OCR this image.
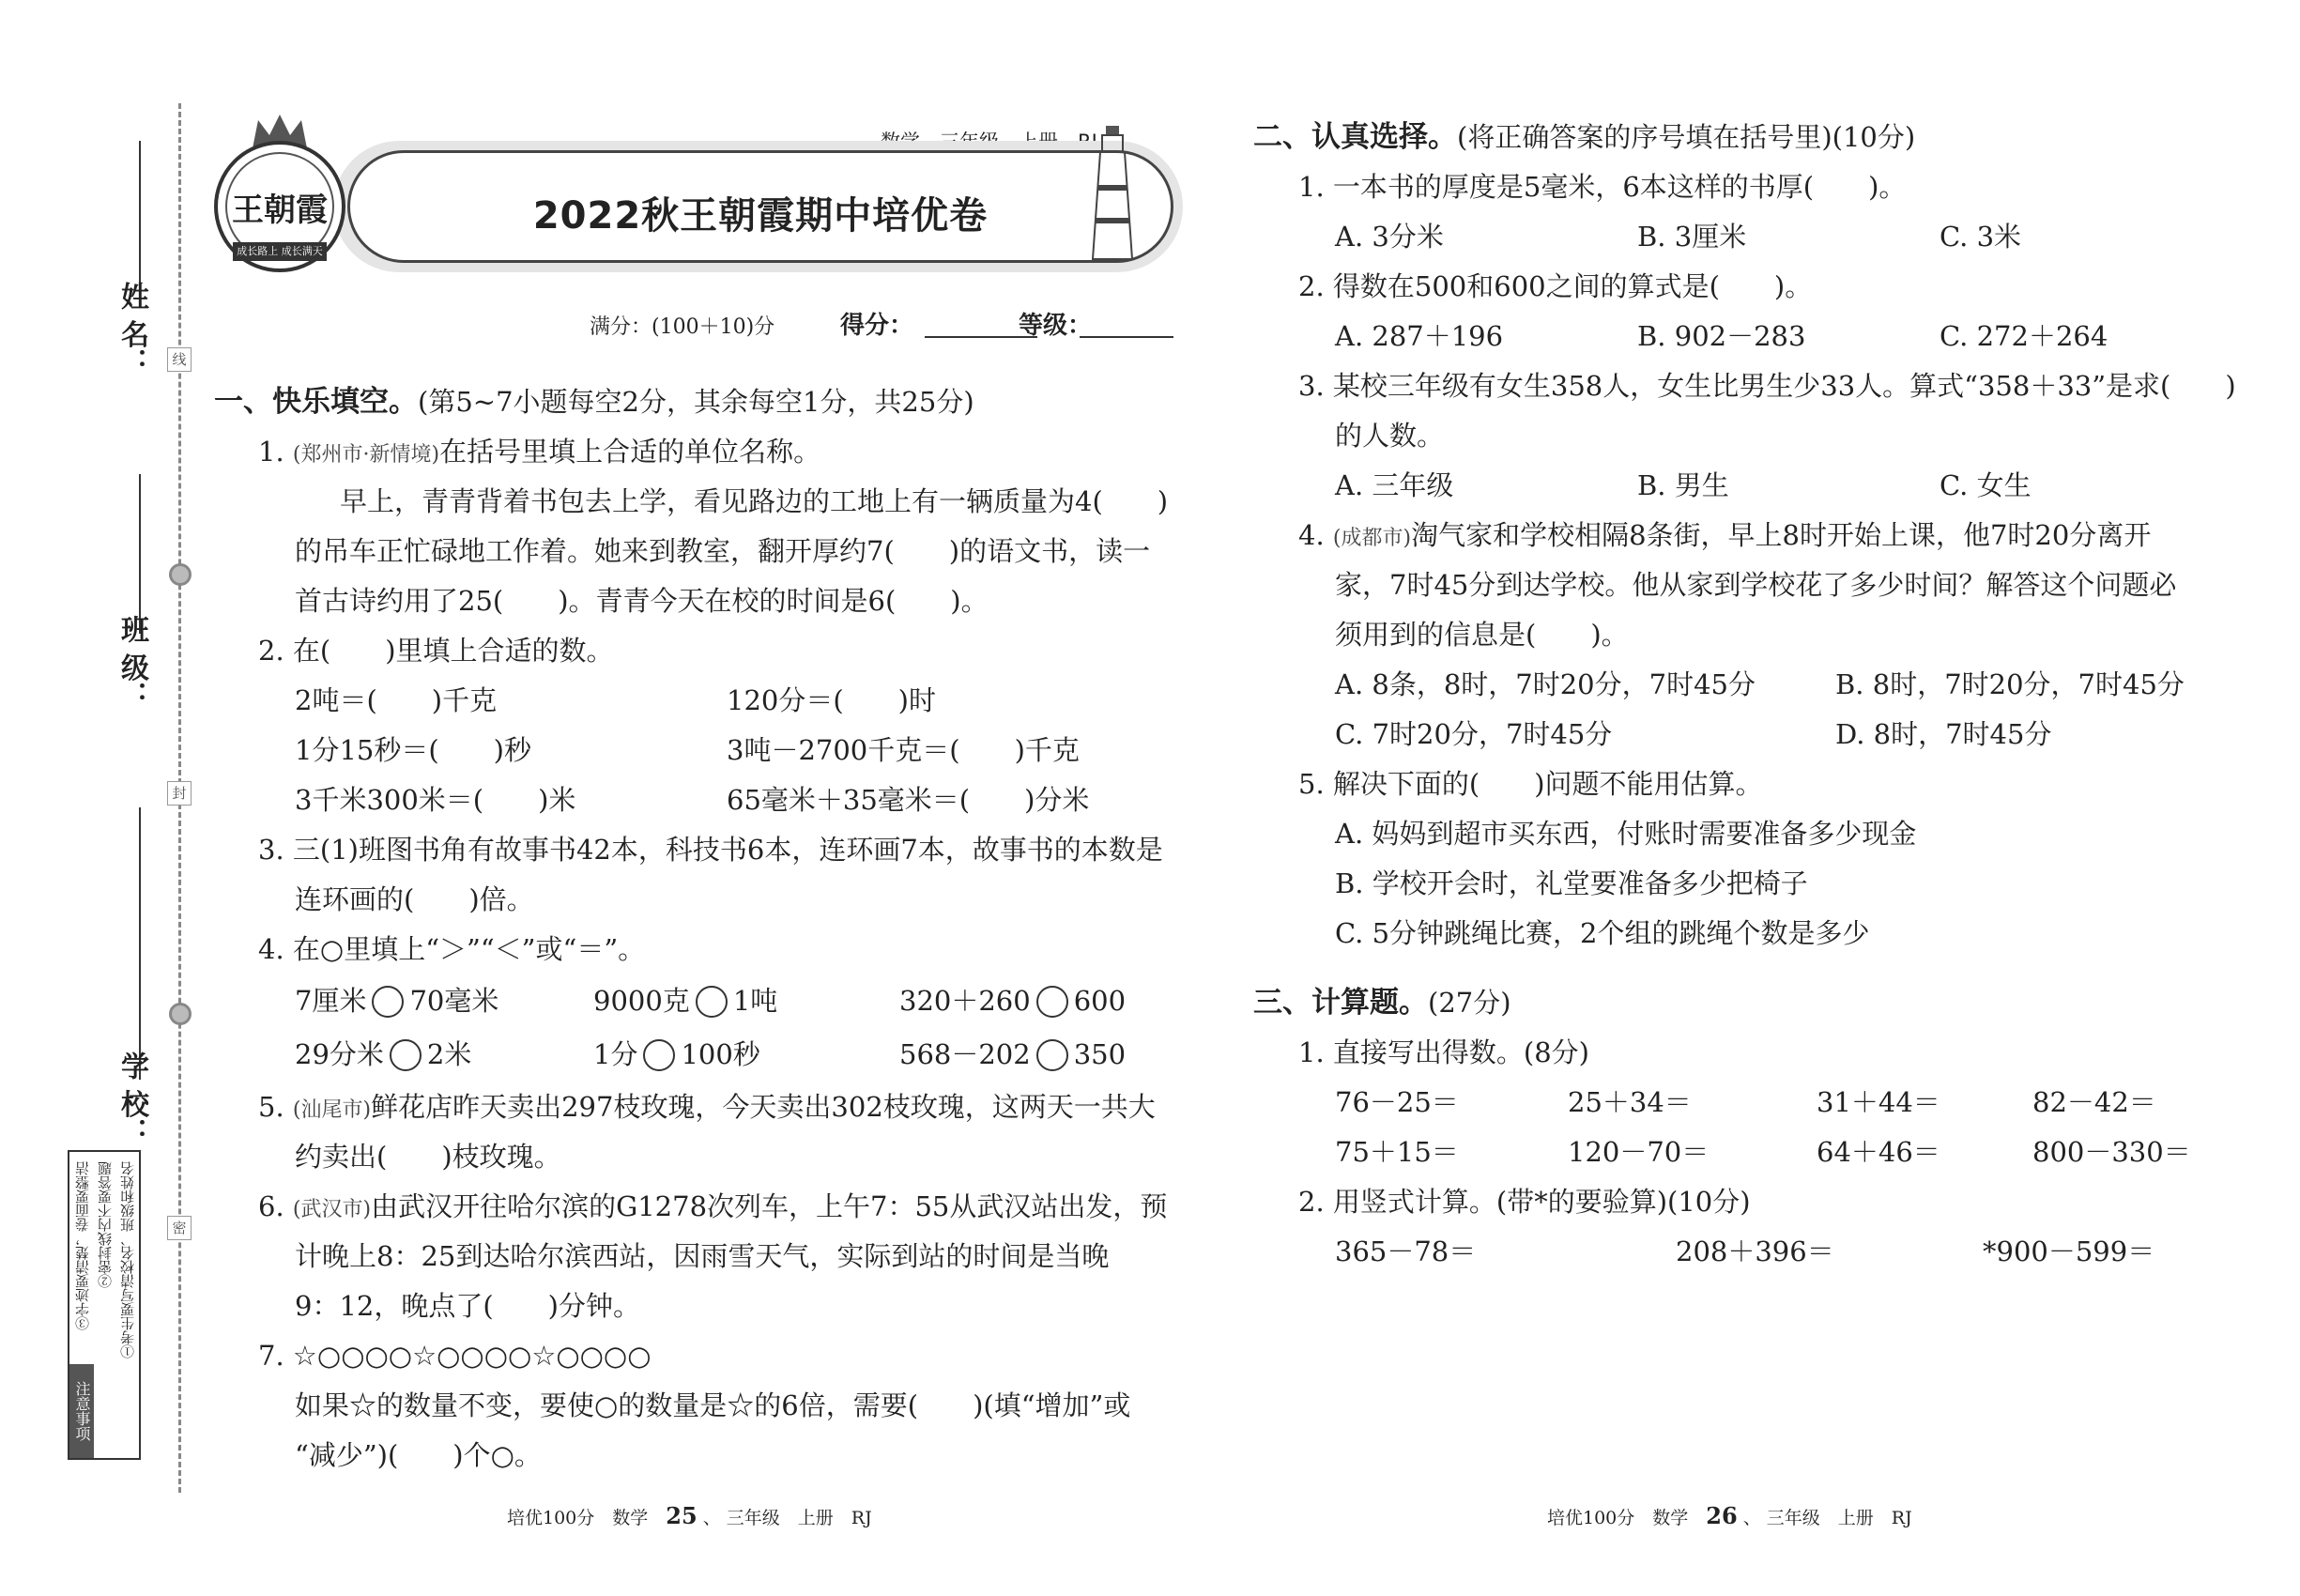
姓 名：
班 级：
学 校：
线
封
密
注意事项
①考生要写清校名、班级和姓名
②密封线内不要答题
③字迹要清楚，卷面要整洁
王朝霞
成长路上 成长满天
2022秋王朝霞期中培优卷
满分：(100＋10)分	得分：	等级：
一、快乐填空。(第5~7小题每空2分，其余每空1分，共25分)
1. (郑州市·新情境)在括号里填上合适的单位名称。
早上，青青背着书包去上学，看见路边的工地上有一辆质量为4(　　)
的吊车正忙碌地工作着。她来到教室，翻开厚约7(　　)的语文书，读一
首古诗约用了25(　　)。青青今天在校的时间是6(　　)。
2. 在(　　)里填上合适的数。
2吨＝(　　)千克	120分＝(　　)时
1分15秒＝(　　)秒	3吨－2700千克＝(　　)千克
3千米300米＝(　　)米	65毫米＋35毫米＝(　　)分米
3. 三(1)班图书角有故事书42本，科技书6本，连环画7本，故事书的本数是
连环画的(　　)倍。
4. 在○里填上“＞”“＜”或“＝”。
7厘米 70毫米	9000克 1吨	320＋260 600
29分米 2米	1分 100秒	568－202 350
5. (汕尾市)鲜花店昨天卖出297枝玫瑰，今天卖出302枝玫瑰，这两天一共大
约卖出(　　)枝玫瑰。
6. (武汉市)由武汉开往哈尔滨的G1278次列车，上午7：55从武汉站出发，预
计晚上8：25到达哈尔滨西站，因雨雪天气，实际到站的时间是当晚
9：12，晚点了(　　)分钟。
7. ☆○○○○☆○○○○☆○○○○
如果☆的数量不变，要使○的数量是☆的6倍，需要(　　)(填“增加”或
“减少”)(　　)个○。
培优100分　数学　 25 、 三年级　上册　RJ
二、认真选择。(将正确答案的序号填在括号里)(10分)
1. 一本书的厚度是5毫米，6本这样的书厚(　　)。
A. 3分米	B. 3厘米	C. 3米
2. 得数在500和600之间的算式是(　　)。
A. 287＋196	B. 902－283	C. 272＋264
3. 某校三年级有女生358人，女生比男生少33人。算式“358＋33”是求(　　)
的人数。
A. 三年级	B. 男生	C. 女生
4. (成都市)淘气家和学校相隔8条街，早上8时开始上课，他7时20分离开
家，7时45分到达学校。他从家到学校花了多少时间？解答这个问题必
须用到的信息是(　　)。
A. 8条，8时，7时20分，7时45分	B. 8时，7时20分，7时45分
C. 7时20分，7时45分	D. 8时，7时45分
5. 解决下面的(　　)问题不能用估算。
A. 妈妈到超市买东西，付账时需要准备多少现金
B. 学校开会时，礼堂要准备多少把椅子
C. 5分钟跳绳比赛，2个组的跳绳个数是多少
三、计算题。(27分)
1. 直接写出得数。(8分)
76－25＝	25＋34＝	31＋44＝	82－42＝
75＋15＝	120－70＝	64＋46＝	800－330＝
2. 用竖式计算。(带*的要验算)(10分)
365－78＝	208＋396＝	*900－599＝
培优100分　数学　 26 、 三年级　上册　RJ
